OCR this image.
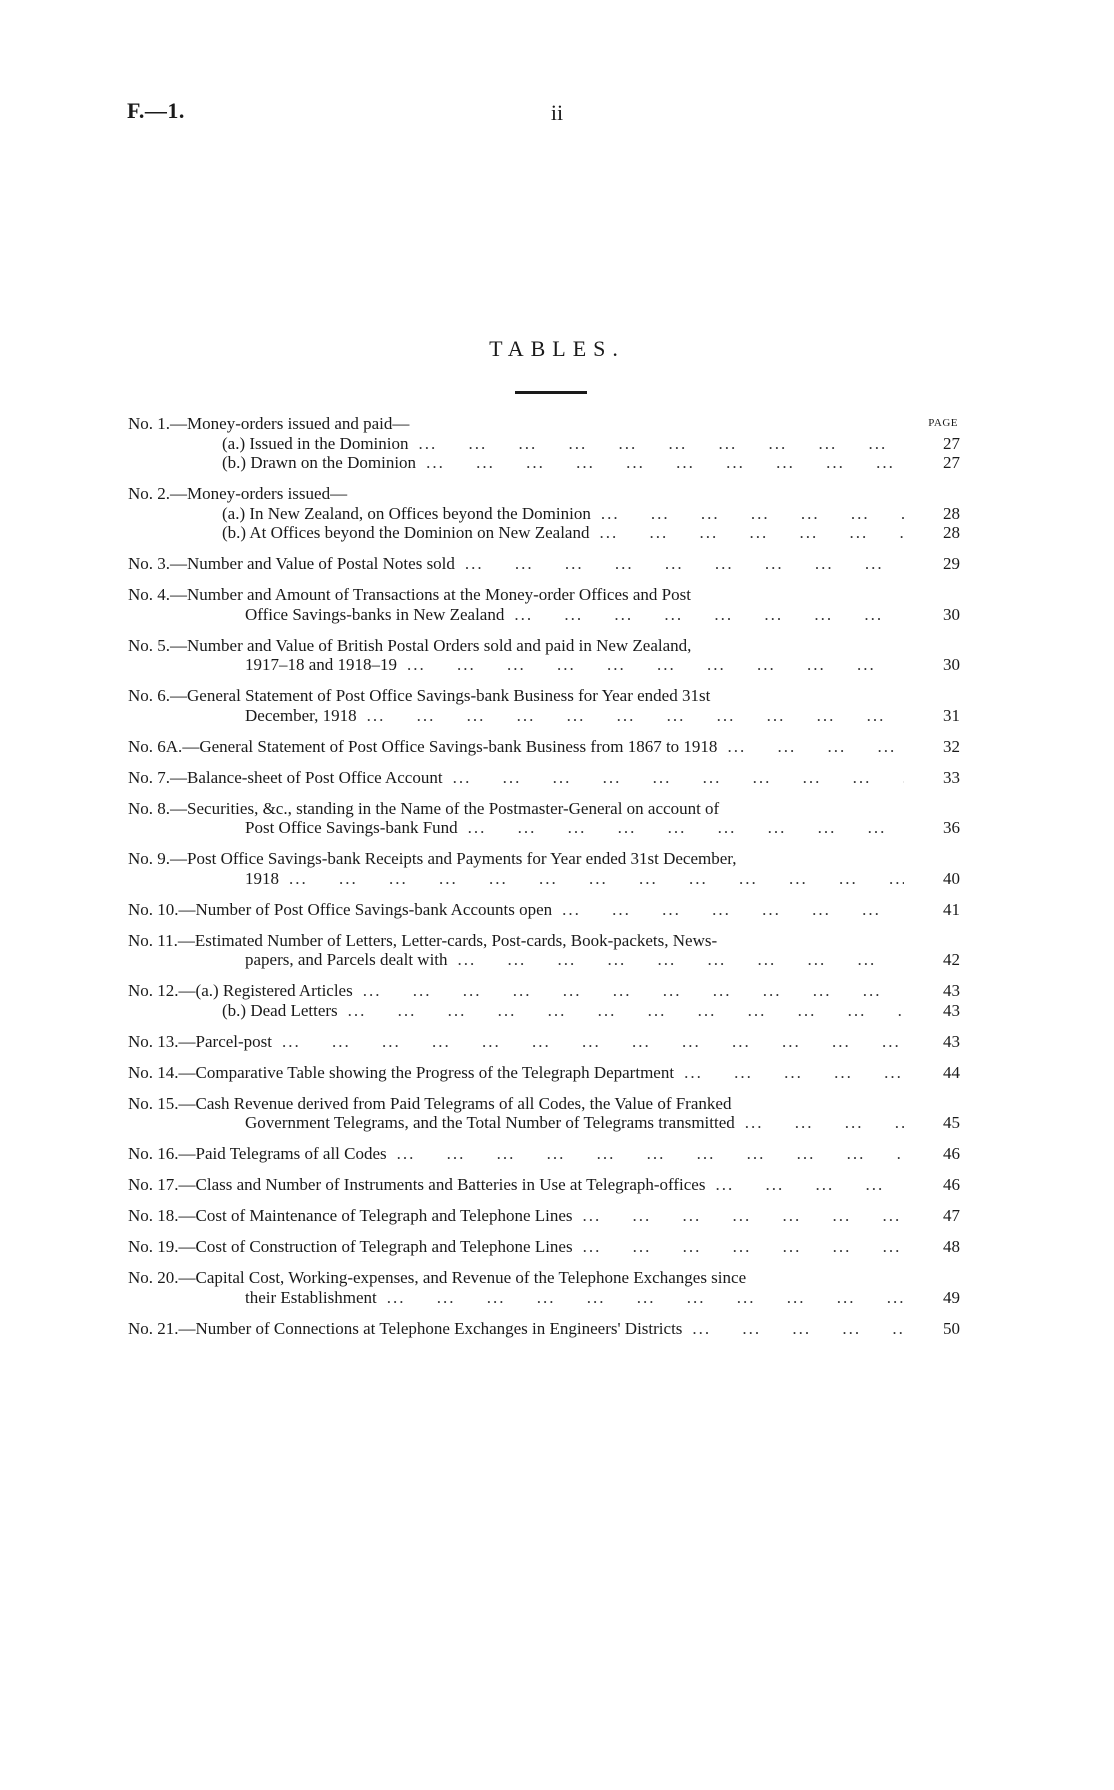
F.—1.	ii
TABLES.
PAGE
No. 1. —Money-orders issued and paid—
(a.) Issued in the Dominion ...	27
(b.) Drawn on the Dominion ...	27
No. 2. —Money-orders issued—
(a.) In New Zealand, on Offices beyond the Dominion ...	28
(b.) At Offices beyond the Dominion on New Zealand ...	28
No. 3. —Number and Value of Postal Notes sold ...	29
No. 4. —Number and Amount of Transactions at the Money-order Offices and Post
Office Savings-banks in New Zealand ...	30
No. 5. —Number and Value of British Postal Orders sold and paid in New Zealand,
1917–18 and 1918–19 ...	30
No. 6. —General Statement of Post Office Savings-bank Business for Year ended 31st
December, 1918 ...	31
No. 6A. —General Statement of Post Office Savings-bank Business from 1867 to 1918 ...	32
No. 7. —Balance-sheet of Post Office Account ...	33
No. 8. —Securities, &c., standing in the Name of the Postmaster-General on account of
Post Office Savings-bank Fund ...	36
No. 9. —Post Office Savings-bank Receipts and Payments for Year ended 31st December,
1918 ...	40
No. 10. —Number of Post Office Savings-bank Accounts open ...	41
No. 11. —Estimated Number of Letters, Letter-cards, Post-cards, Book-packets, News-
papers, and Parcels dealt with ...	42
No. 12. —(a.) Registered Articles ...	43
(b.) Dead Letters ...	43
No. 13. —Parcel-post ...	43
No. 14. —Comparative Table showing the Progress of the Telegraph Department ...	44
No. 15. —Cash Revenue derived from Paid Telegrams of all Codes, the Value of Franked
Government Telegrams, and the Total Number of Telegrams transmitted ...	45
No. 16. —Paid Telegrams of all Codes ...	46
No. 17. —Class and Number of Instruments and Batteries in Use at Telegraph-offices ...	46
No. 18. —Cost of Maintenance of Telegraph and Telephone Lines ...	47
No. 19. —Cost of Construction of Telegraph and Telephone Lines ...	48
No. 20. —Capital Cost, Working-expenses, and Revenue of the Telephone Exchanges since
their Establishment ...	49
No. 21. —Number of Connections at Telephone Exchanges in Engineers' Districts ...	50
